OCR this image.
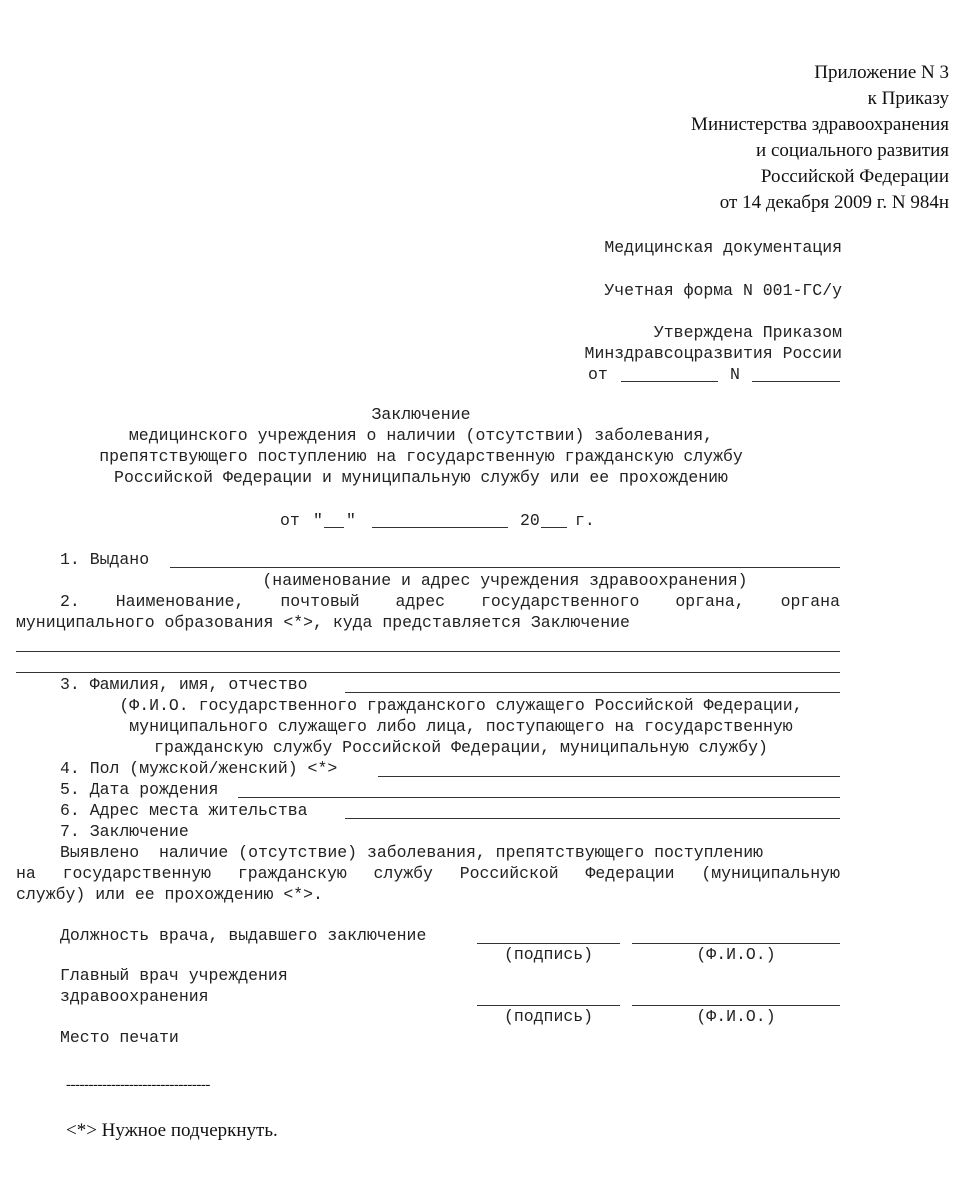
Приложение N 3
к Приказу
Министерства здравоохранения
и социального развития
Российской Федерации
от 14 декабря 2009 г. N 984н
Медицинская документация
Учетная форма N 001-ГС/у
Утверждена Приказом
Минздравсоцразвития России
от	N
Заключение
медицинского учреждения о наличии (отсутствии) заболевания,
препятствующего поступлению на государственную гражданскую службу
Российской Федерации и муниципальную службу или ее прохождению
от " "	20 г.
1. Выдано
(наименование и адрес учреждения здравоохранения)
2. Наименование, почтовый адрес государственного органа, органа
муниципального образования <*>, куда представляется Заключение
3. Фамилия, имя, отчество
(Ф.И.О. государственного гражданского служащего Российской Федерации,
муниципального служащего либо лица, поступающего на государственную
гражданскую службу Российской Федерации, муниципальную службу)
4. Пол (мужской/женский) <*>
5. Дата рождения
6. Адрес места жительства
7. Заключение
Выявлено  наличие (отсутствие) заболевания, препятствующего поступлению
на государственную гражданскую службу Российской Федерации (муниципальную
службу) или ее прохождению <*>.
Должность врача, выдавшего заключение
(подпись)	(Ф.И.О.)
Главный врач учреждения
здравоохранения
(подпись)	(Ф.И.О.)
Место печати
--------------------------------
<*> Нужное подчеркнуть.
